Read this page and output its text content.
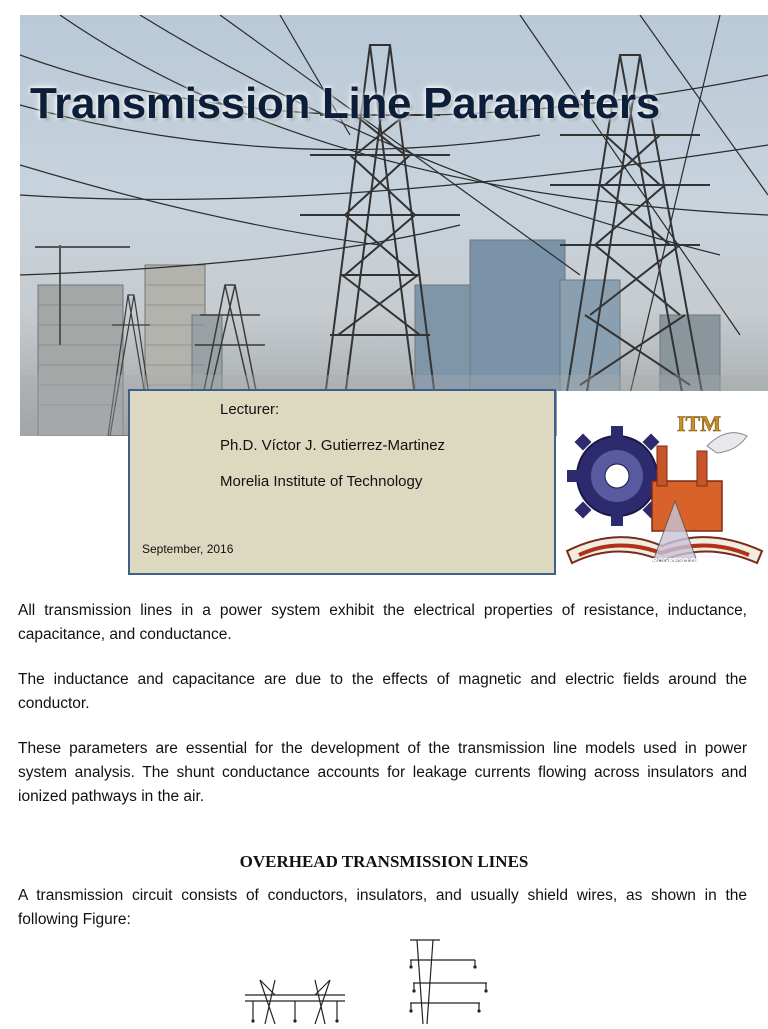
Transmission Line Parameters
Lecturer:
Ph.D. Víctor J. Gutierrez-Martinez
Morelia Institute of Technology
September, 2016
ITM
TECNICA PROGRESO DE MEXICO
All transmission lines in a power system exhibit the electrical properties of resistance, inductance, capacitance, and conductance.
The inductance and capacitance are due to the effects of magnetic and electric fields around the conductor.
These parameters are essential for the development of the transmission line models used in power system analysis. The shunt conductance accounts for leakage currents flowing across insulators and ionized pathways in the air.
OVERHEAD TRANSMISSION LINES
A transmission circuit consists of conductors, insulators, and usually shield wires, as shown in the following Figure:
